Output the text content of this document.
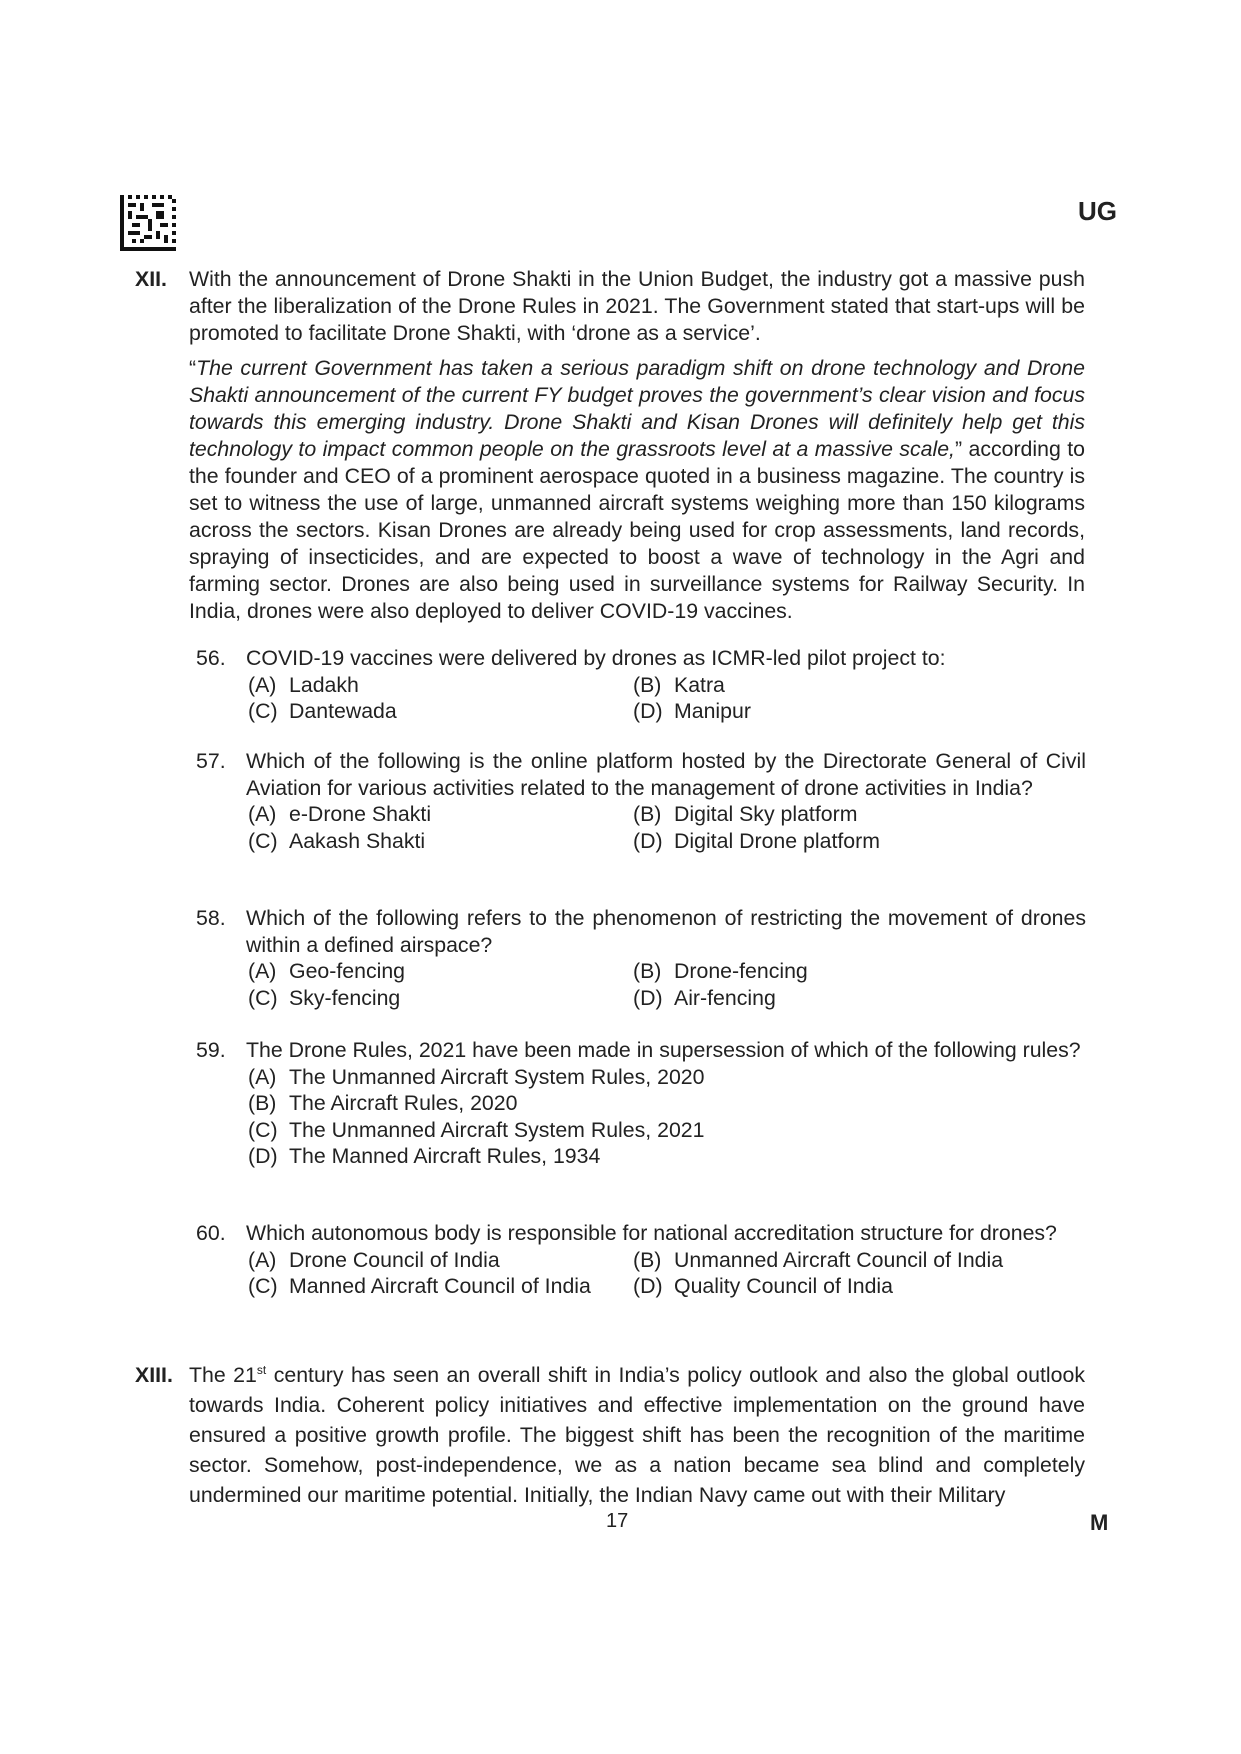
UG
XII. With the announcement of Drone Shakti in the Union Budget, the industry got a massive push after the liberalization of the Drone Rules in 2021. The Government stated that start-ups will be promoted to facilitate Drone Shakti, with ‘drone as a service’.

“The current Government has taken a serious paradigm shift on drone technology and Drone Shakti announcement of the current FY budget proves the government’s clear vision and focus towards this emerging industry. Drone Shakti and Kisan Drones will definitely help get this technology to impact common people on the grassroots level at a massive scale,” according to the founder and CEO of a prominent aerospace quoted in a business magazine. The country is set to witness the use of large, unmanned aircraft systems weighing more than 150 kilograms across the sectors. Kisan Drones are already being used for crop assessments, land records, spraying of insecticides, and are expected to boost a wave of technology in the Agri and farming sector. Drones are also being used in surveillance systems for Railway Security. In India, drones were also deployed to deliver COVID-19 vaccines.

56. COVID-19 vaccines were delivered by drones as ICMR-led pilot project to:
(A) Ladakh	(B) Katra
(C) Dantewada	(D) Manipur
57. Which of the following is the online platform hosted by the Directorate General of Civil Aviation for various activities related to the management of drone activities in India?
(A) e-Drone Shakti	(B) Digital Sky platform
(C) Aakash Shakti	(D) Digital Drone platform
58. Which of the following refers to the phenomenon of restricting the movement of drones within a defined airspace?
(A) Geo-fencing	(B) Drone-fencing
(C) Sky-fencing	(D) Air-fencing
59. The Drone Rules, 2021 have been made in supersession of which of the following rules?
(A) The Unmanned Aircraft System Rules, 2020
(B) The Aircraft Rules, 2020
(C) The Unmanned Aircraft System Rules, 2021
(D) The Manned Aircraft Rules, 1934
60. Which autonomous body is responsible for national accreditation structure for drones?
(A) Drone Council of India	(B) Unmanned Aircraft Council of India
(C) Manned Aircraft Council of India	(D) Quality Council of India
XIII. The 21st century has seen an overall shift in India’s policy outlook and also the global outlook towards India. Coherent policy initiatives and effective implementation on the ground have ensured a positive growth profile. The biggest shift has been the recognition of the maritime sector. Somehow, post-independence, we as a nation became sea blind and completely undermined our maritime potential. Initially, the Indian Navy came out with their Military

17	M
